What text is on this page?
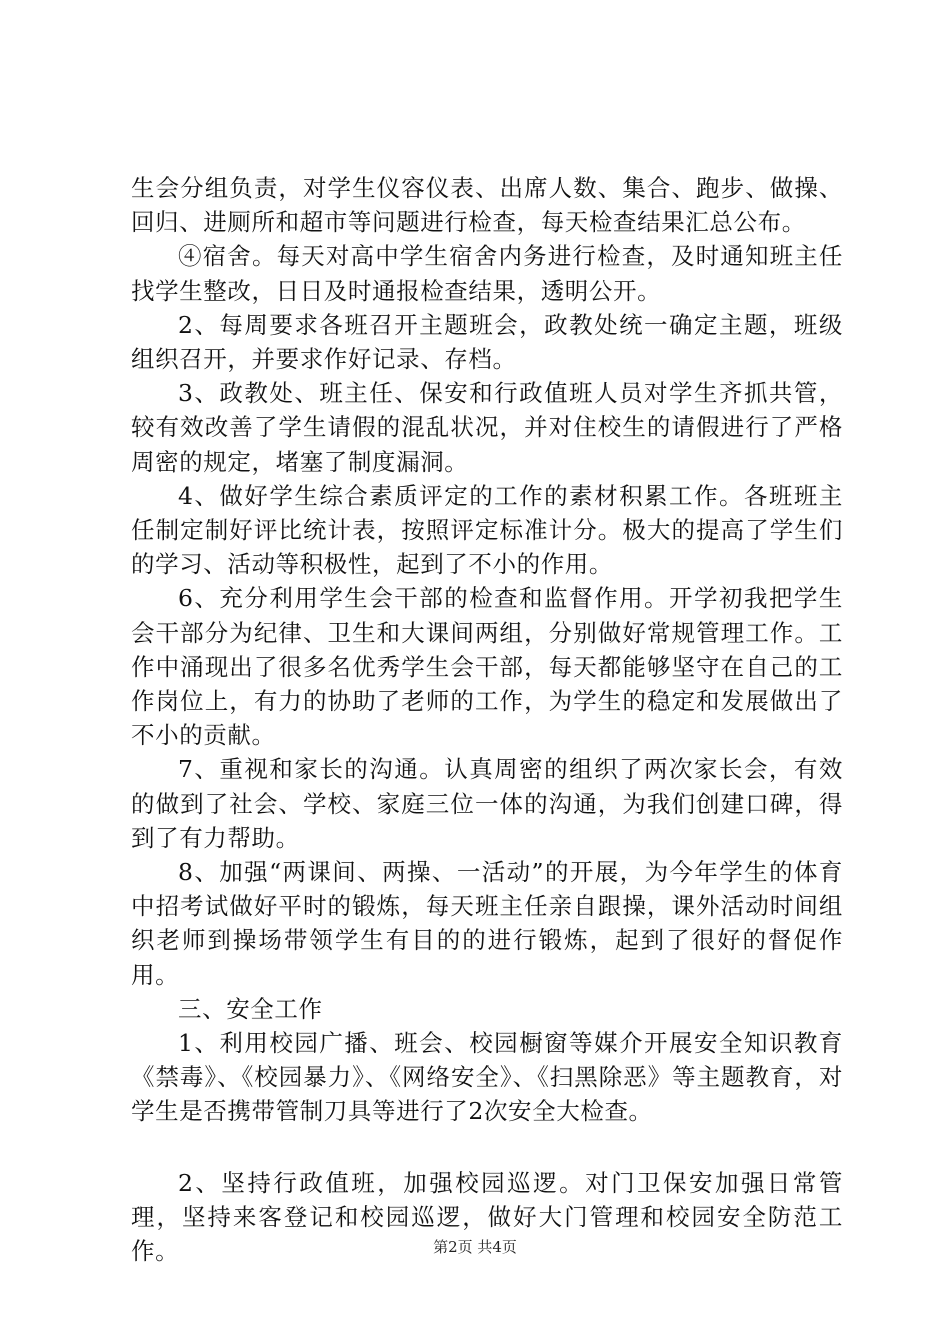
生会分组负责，对学生仪容仪表、出席人数、集合、跑步、做操、回归、进厕所和超市等问题进行检查，每天检查结果汇总公布。

④宿舍。每天对高中学生宿舍内务进行检查，及时通知班主任找学生整改，日日及时通报检查结果，透明公开。

2、每周要求各班召开主题班会，政教处统一确定主题，班级组织召开，并要求作好记录、存档。

3、政教处、班主任、保安和行政值班人员对学生齐抓共管，较有效改善了学生请假的混乱状况，并对住校生的请假进行了严格周密的规定，堵塞了制度漏洞。

4、做好学生综合素质评定的工作的素材积累工作。各班班主任制定制好评比统计表，按照评定标准计分。极大的提高了学生们的学习、活动等积极性，起到了不小的作用。

6、充分利用学生会干部的检查和监督作用。开学初我把学生会干部分为纪律、卫生和大课间两组，分别做好常规管理工作。工作中涌现出了很多名优秀学生会干部，每天都能够坚守在自己的工作岗位上，有力的协助了老师的工作，为学生的稳定和发展做出了不小的贡献。

7、重视和家长的沟通。认真周密的组织了两次家长会，有效的做到了社会、学校、家庭三位一体的沟通，为我们创建口碑，得到了有力帮助。

8、加强“两课间、两操、一活动”的开展，为今年学生的体育中招考试做好平时的锻炼，每天班主任亲自跟操，课外活动时间组织老师到操场带领学生有目的的进行锻炼，起到了很好的督促作用。

三、安全工作

1、利用校园广播、班会、校园橱窗等媒介开展安全知识教育《禁毒》、《校园暴力》、《网络安全》、《扫黑除恶》等主题教育，对学生是否携带管制刀具等进行了2次安全大检查。

2、坚持行政值班，加强校园巡逻。对门卫保安加强日常管理，坚持来客登记和校园巡逻，做好大门管理和校园安全防范工作。	第2页 共4页
